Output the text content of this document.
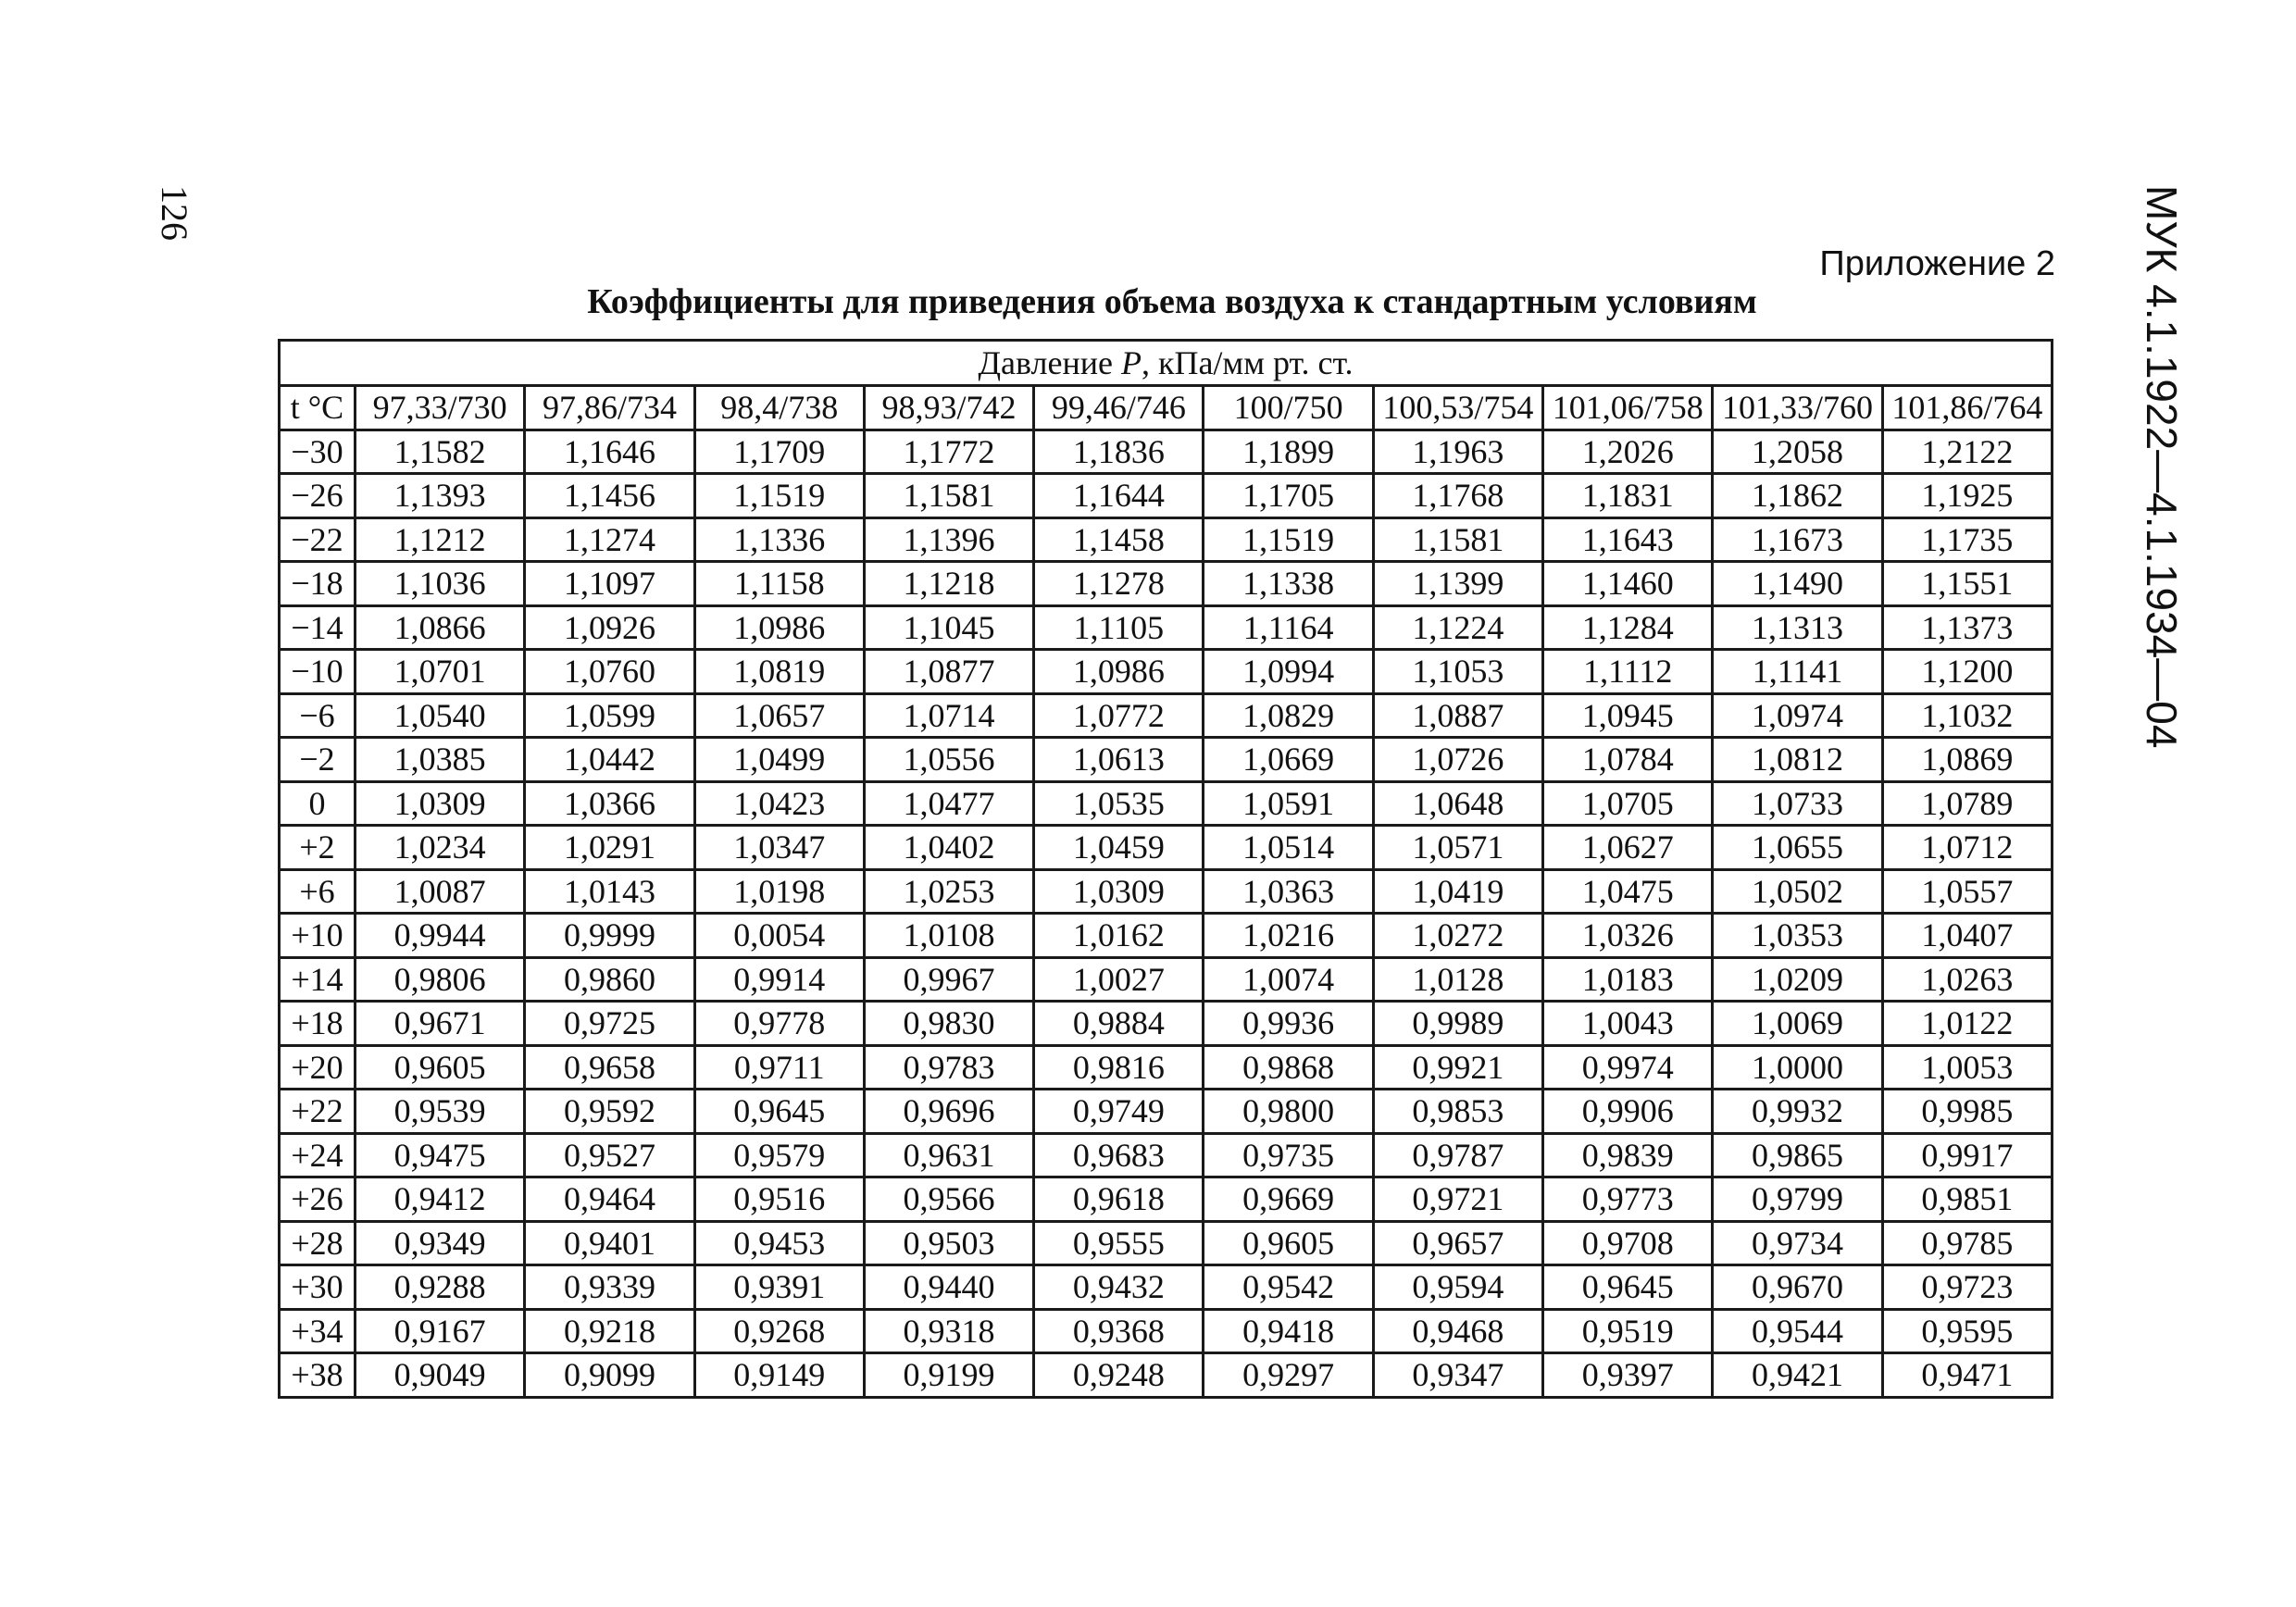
126	МУК 4.1.1922—4.1.1934—04
Приложение 2
Коэффициенты для приведения объема воздуха к стандартным условиям
Давление P, кПа/мм рт. ст.										
t °С	97,33/730	97,86/734	98,4/738	98,93/742	99,46/746	100/750	100,53/754	101,06/758	101,33/760	101,86/764
−30	1,1582	1,1646	1,1709	1,1772	1,1836	1,1899	1,1963	1,2026	1,2058	1,2122
−26	1,1393	1,1456	1,1519	1,1581	1,1644	1,1705	1,1768	1,1831	1,1862	1,1925
−22	1,1212	1,1274	1,1336	1,1396	1,1458	1,1519	1,1581	1,1643	1,1673	1,1735
−18	1,1036	1,1097	1,1158	1,1218	1,1278	1,1338	1,1399	1,1460	1,1490	1,1551
−14	1,0866	1,0926	1,0986	1,1045	1,1105	1,1164	1,1224	1,1284	1,1313	1,1373
−10	1,0701	1,0760	1,0819	1,0877	1,0986	1,0994	1,1053	1,1112	1,1141	1,1200
−6	1,0540	1,0599	1,0657	1,0714	1,0772	1,0829	1,0887	1,0945	1,0974	1,1032
−2	1,0385	1,0442	1,0499	1,0556	1,0613	1,0669	1,0726	1,0784	1,0812	1,0869
0	1,0309	1,0366	1,0423	1,0477	1,0535	1,0591	1,0648	1,0705	1,0733	1,0789
+2	1,0234	1,0291	1,0347	1,0402	1,0459	1,0514	1,0571	1,0627	1,0655	1,0712
+6	1,0087	1,0143	1,0198	1,0253	1,0309	1,0363	1,0419	1,0475	1,0502	1,0557
+10	0,9944	0,9999	0,0054	1,0108	1,0162	1,0216	1,0272	1,0326	1,0353	1,0407
+14	0,9806	0,9860	0,9914	0,9967	1,0027	1,0074	1,0128	1,0183	1,0209	1,0263
+18	0,9671	0,9725	0,9778	0,9830	0,9884	0,9936	0,9989	1,0043	1,0069	1,0122
+20	0,9605	0,9658	0,9711	0,9783	0,9816	0,9868	0,9921	0,9974	1,0000	1,0053
+22	0,9539	0,9592	0,9645	0,9696	0,9749	0,9800	0,9853	0,9906	0,9932	0,9985
+24	0,9475	0,9527	0,9579	0,9631	0,9683	0,9735	0,9787	0,9839	0,9865	0,9917
+26	0,9412	0,9464	0,9516	0,9566	0,9618	0,9669	0,9721	0,9773	0,9799	0,9851
+28	0,9349	0,9401	0,9453	0,9503	0,9555	0,9605	0,9657	0,9708	0,9734	0,9785
+30	0,9288	0,9339	0,9391	0,9440	0,9432	0,9542	0,9594	0,9645	0,9670	0,9723
+34	0,9167	0,9218	0,9268	0,9318	0,9368	0,9418	0,9468	0,9519	0,9544	0,9595
+38	0,9049	0,9099	0,9149	0,9199	0,9248	0,9297	0,9347	0,9397	0,9421	0,9471
